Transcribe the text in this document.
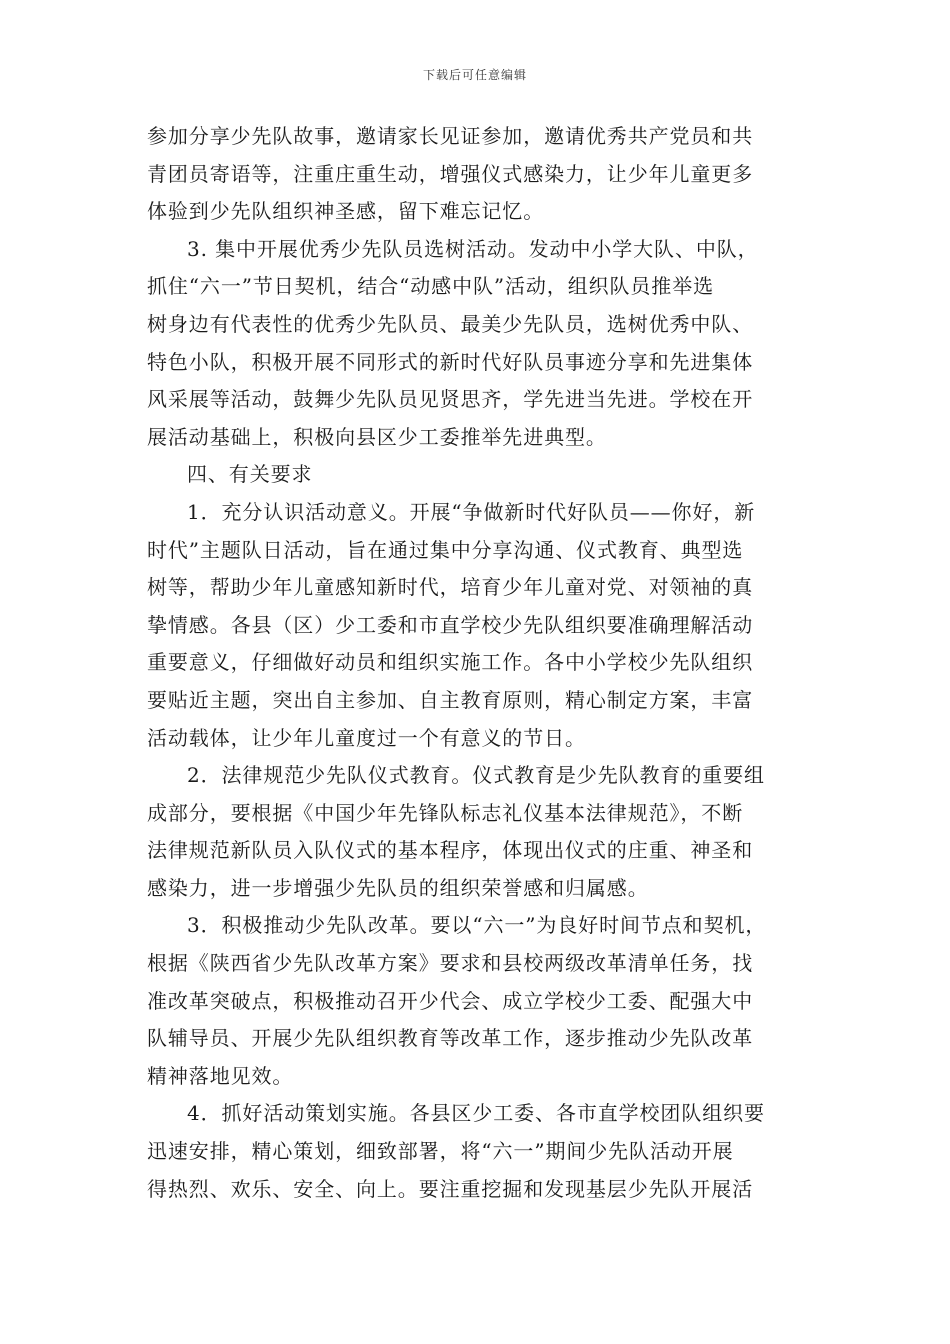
下载后可任意编辑
参加分享少先队故事，邀请家长见证参加，邀请优秀共产党员和共
青团员寄语等，注重庄重生动，增强仪式感染力，让少年儿童更多
体验到少先队组织神圣感，留下难忘记忆。
3. 集中开展优秀少先队员选树活动。发动中小学大队、中队，
抓住“六一”节日契机，结合“动感中队”活动，组织队员推举选
树身边有代表性的优秀少先队员、最美少先队员，选树优秀中队、
特色小队，积极开展不同形式的新时代好队员事迹分享和先进集体
风采展等活动，鼓舞少先队员见贤思齐，学先进当先进。学校在开
展活动基础上，积极向县区少工委推举先进典型。
四、有关要求
1．充分认识活动意义。开展“争做新时代好队员——你好，新
时代”主题队日活动，旨在通过集中分享沟通、仪式教育、典型选
树等，帮助少年儿童感知新时代，培育少年儿童对党、对领袖的真
挚情感。各县（区）少工委和市直学校少先队组织要准确理解活动
重要意义，仔细做好动员和组织实施工作。各中小学校少先队组织
要贴近主题，突出自主参加、自主教育原则，精心制定方案，丰富
活动载体，让少年儿童度过一个有意义的节日。
2．法律规范少先队仪式教育。仪式教育是少先队教育的重要组
成部分，要根据《中国少年先锋队标志礼仪基本法律规范》，不断
法律规范新队员入队仪式的基本程序，体现出仪式的庄重、神圣和
感染力，进一步增强少先队员的组织荣誉感和归属感。
3．积极推动少先队改革。要以“六一”为良好时间节点和契机，
根据《陕西省少先队改革方案》要求和县校两级改革清单任务，找
准改革突破点，积极推动召开少代会、成立学校少工委、配强大中
队辅导员、开展少先队组织教育等改革工作，逐步推动少先队改革
精神落地见效。
4．抓好活动策划实施。各县区少工委、各市直学校团队组织要
迅速安排，精心策划，细致部署，将“六一”期间少先队活动开展
得热烈、欢乐、安全、向上。要注重挖掘和发现基层少先队开展活
